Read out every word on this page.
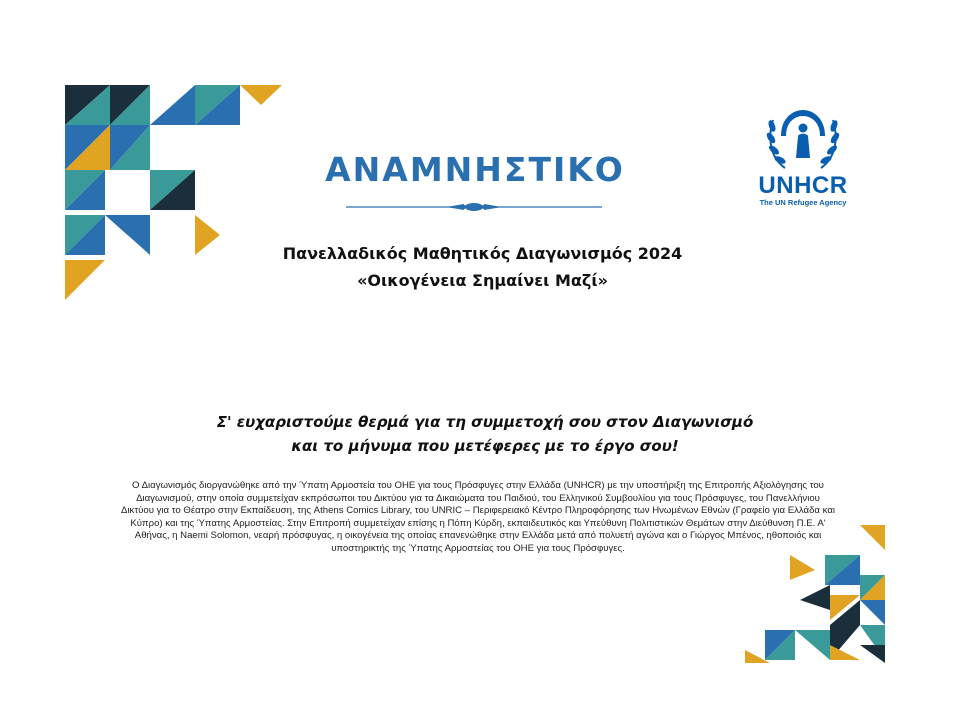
ΑΝΑΜΝΗΣΤΙΚΟ
Πανελλαδικός Μαθητικός Διαγωνισμός 2024
«Οικογένεια Σημαίνει Μαζί»
Σ' ευχαριστούμε θερμά για τη συμμετοχή σου στον Διαγωνισμό
και το μήνυμα που μετέφερες με το έργο σου!
Ο Διαγωνισμός διοργανώθηκε από την Ύπατη Αρμοστεία του ΟΗΕ για τους Πρόσφυγες στην Ελλάδα (UNHCR) με την υποστήριξη της Επιτροπής Αξιολόγησης του
Διαγωνισμού, στην οποία συμμετείχαν εκπρόσωποι του Δικτύου για τα Δικαιώματα του Παιδιού, του Ελληνικού Συμβουλίου για τους Πρόσφυγες, του Πανελλήνιου
Δικτύου για το Θέατρο στην Εκπαίδευση, της Athens Comics Library, του UNRIC – Περιφερειακό Κέντρο Πληροφόρησης των Ηνωμένων Εθνών (Γραφείο για Ελλάδα και
Κύπρο) και της Ύπατης Αρμοστείας. Στην Επιτροπή συμμετείχαν επίσης η Πόπη Κύρδη, εκπαιδευτικός και Υπεύθυνη Πολιτιστικών Θεμάτων στην Διεύθυνση Π.Ε. Α'
Αθήνας, η Naemi Solomon, νεαρή πρόσφυγας, η οικογένεια της οποίας επανενώθηκε στην Ελλάδα μετά από πολυετή αγώνα και ο Γιώργος Μπένος, ηθοποιός και
υποστηρικτής της Ύπατης Αρμοστείας του ΟΗΕ για τους Πρόσφυγες.
UNHCR
The UN Refugee Agency
